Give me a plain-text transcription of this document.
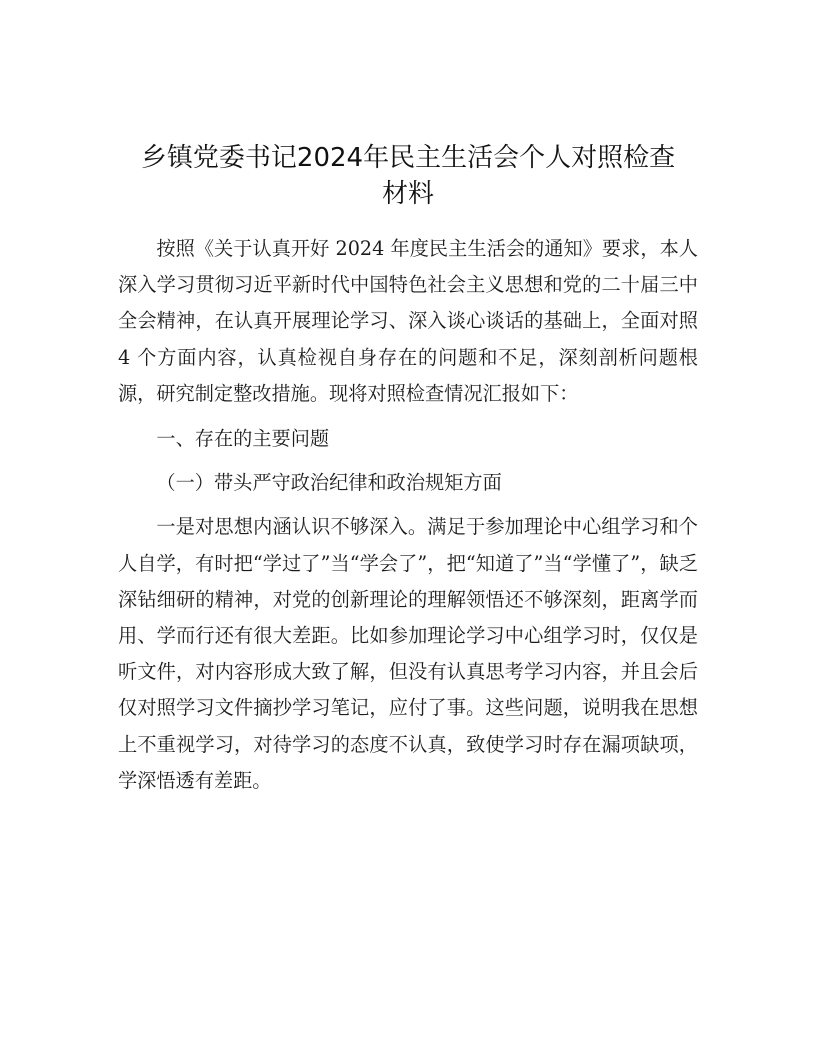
乡镇党委书记2024年民主生活会个人对照检查
材料

按照《关于认真开好 2024 年度民主生活会的通知》要求，本人深入学习贯彻习近平新时代中国特色社会主义思想和党的二十届三中全会精神，在认真开展理论学习、深入谈心谈话的基础上，全面对照 4 个方面内容，认真检视自身存在的问题和不足，深刻剖析问题根源，研究制定整改措施。现将对照检查情况汇报如下：

一、存在的主要问题

（一）带头严守政治纪律和政治规矩方面

一是对思想内涵认识不够深入。满足于参加理论中心组学习和个人自学，有时把“学过了”当“学会了”，把“知道了”当“学懂了”，缺乏深钻细研的精神，对党的创新理论的理解领悟还不够深刻，距离学而用、学而行还有很大差距。比如参加理论学习中心组学习时，仅仅是听文件，对内容形成大致了解，但没有认真思考学习内容，并且会后仅对照学习文件摘抄学习笔记，应付了事。这些问题，说明我在思想上不重视学习，对待学习的态度不认真，致使学习时存在漏项缺项，学深悟透有差距。
